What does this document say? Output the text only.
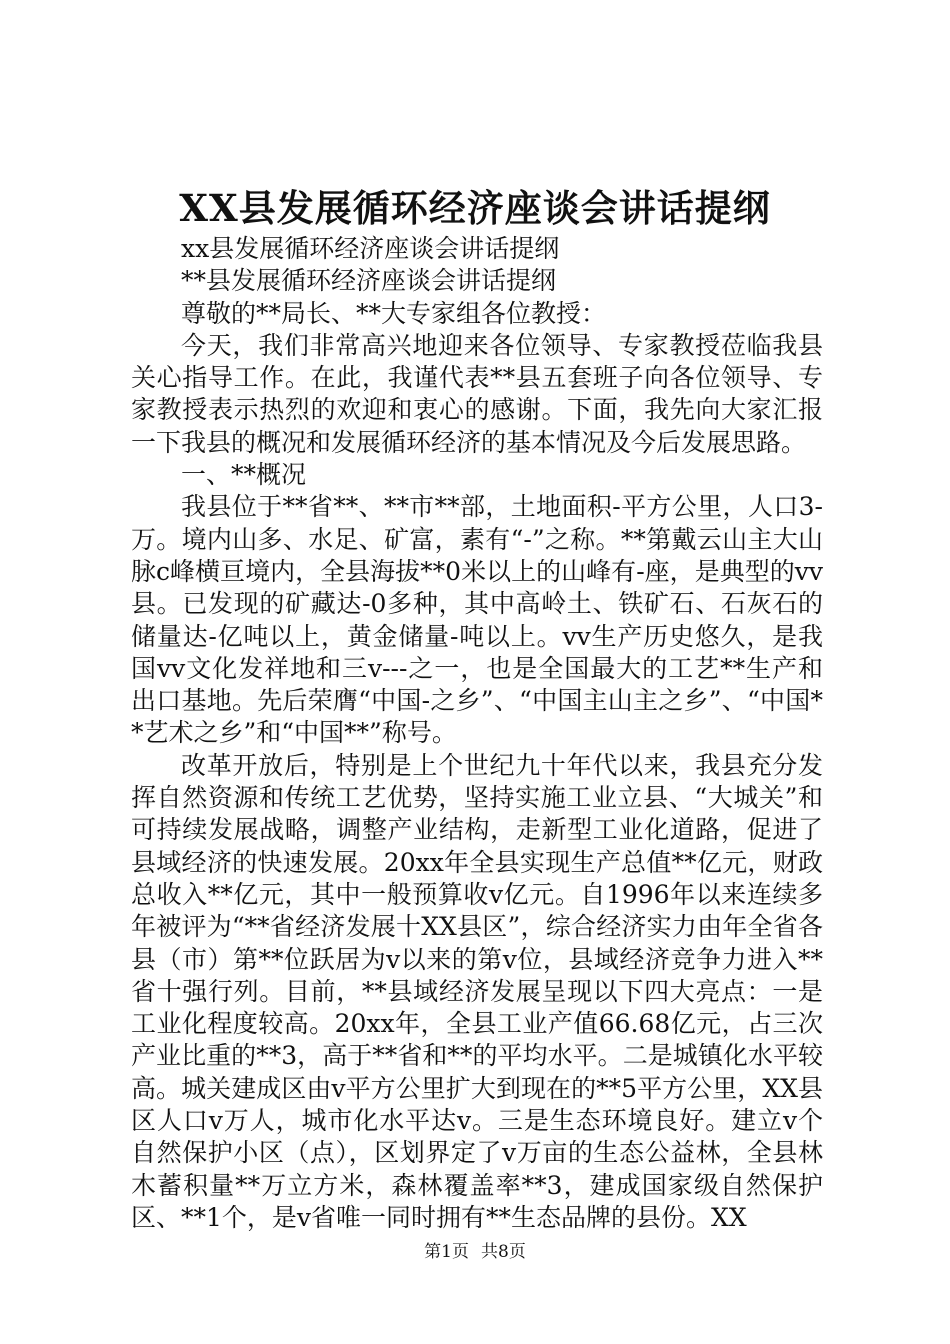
XX县发展循环经济座谈会讲话提纲

xx县发展循环经济座谈会讲话提纲

**县发展循环经济座谈会讲话提纲

尊敬的**局长、**大专家组各位教授：

今天，我们非常高兴地迎来各位领导、专家教授莅临我县关心指导工作。在此，我谨代表**县五套班子向各位领导、专家教授表示热烈的欢迎和衷心的感谢。下面，我先向大家汇报一下我县的概况和发展循环经济的基本情况及今后发展思路。

一、**概况

我县位于**省**、**市**部，土地面积-平方公里，人口3-万。境内山多、水足、矿富，素有“-”之称。**第戴云山主大山脉c峰横亘境内，全县海拔**0米以上的山峰有-座，是典型的vv县。已发现的矿藏达-0多种，其中高岭土、铁矿石、石灰石的储量达-亿吨以上，黄金储量-吨以上。vv生产历史悠久，是我国vv文化发祥地和三v---之一，也是全国最大的工艺**生产和出口基地。先后荣膺“中国-之乡”、“中国主山主之乡”、“中国**艺术之乡”和“中国**”称号。

改革开放后，特别是上个世纪九十年代以来，我县充分发挥自然资源和传统工艺优势，坚持实施工业立县、“大城关”和可持续发展战略，调整产业结构，走新型工业化道路，促进了县域经济的快速发展。20xx年全县实现生产总值**亿元，财政总收入**亿元，其中一般预算收v亿元。自1996年以来连续多年被评为“**省经济发展十XX县区”，综合经济实力由年全省各县（市）第**位跃居为v以来的第v位，县域经济竞争力进入**省十强行列。目前，**县域经济发展呈现以下四大亮点：一是工业化程度较高。20xx年，全县工业产值66.68亿元，占三次产业比重的**3，高于**省和**的平均水平。二是城镇化水平较高。城关建成区由v平方公里扩大到现在的**5平方公里，XX县区人口v万人，城市化水平达v。三是生态环境良好。建立v个自然保护小区（点），区划界定了v万亩的生态公益林，全县林木蓄积量**万立方米，森林覆盖率**3，建成国家级自然保护区、**1个，是v省唯一同时拥有**生态品牌的县份。XX

第1页 共8页
